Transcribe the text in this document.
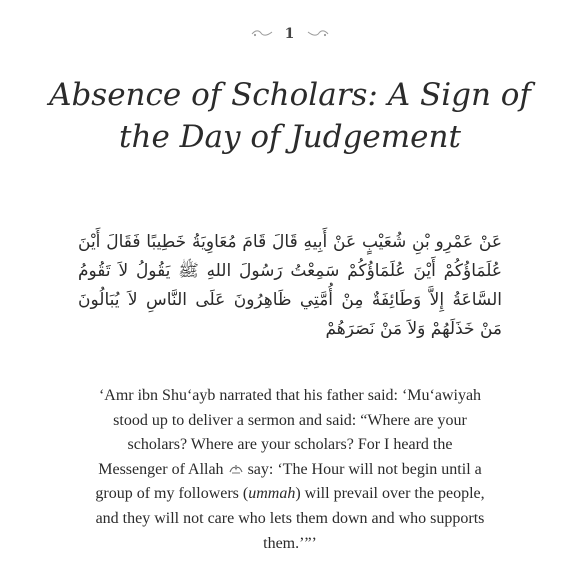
1
Absence of Scholars: A Sign of the Day of Judgement

عَنْ عَمْرِو بْنِ شُعَيْبٍ عَنْ أَبِيهِ قَالَ قَامَ مُعَاوِيَةُ خَطِيبًا فَقَالَ أَيْنَ عُلَمَاؤُكُمْ أَيْنَ عُلَمَاؤُكُمْ سَمِعْتُ رَسُولَ اللهِ ﷺ يَقُولُ لاَ تَقُومُ السَّاعَةُ إِلاَّ وَطَائِفَةٌ مِنْ أُمَّتِي ظَاهِرُونَ عَلَى النَّاسِ لاَ يُبَالُونَ مَنْ خَذَلَهُمْ وَلاَ مَنْ نَصَرَهُمْ

‘Amr ibn Shu‘ayb narrated that his father said: ‘Mu‘awiyah stood up to deliver a sermon and said: “Where are your scholars? Where are your scholars? For I heard the Messenger of Allah  say: ‘The Hour will not begin until a group of my followers (ummah) will prevail over the people, and they will not care who lets them down and who supports them.’”’
